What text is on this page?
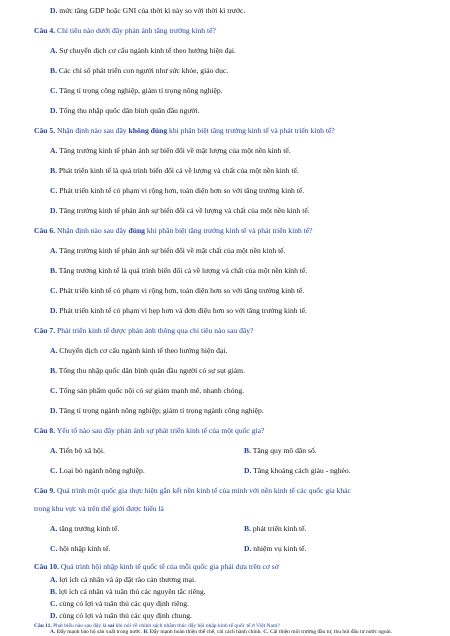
D. mức tăng GDP hoặc GNI của thời kì này so với thời kì trước.
Câu 4. Chỉ tiêu nào dưới đây phản ánh tăng trưởng kinh tế?
A. Sự chuyển dịch cơ cấu ngành kinh tế theo hướng hiện đại.
B. Các chỉ số phát triển con người như sức khỏe, giáo dục.
C. Tăng tỉ trọng công nghiệp, giảm tỉ trọng nông nghiệp.
D. Tổng thu nhập quốc dân bình quân đầu người.
Câu 5. Nhận định nào sau đây không đúng khi phân biệt tăng trưởng kinh tế và phát triển kinh tế?
A. Tăng trưởng kinh tế phản ánh sự biến đổi về mặt lượng của một nền kinh tế.
B. Phát triển kinh tế là quá trình biến đổi cả về lượng và chất của một nền kinh tế.
C. Phát triển kinh tế có phạm vi rộng hơn, toàn diện hơn so với tăng trưởng kinh tế.
D. Tăng trưởng kinh tế phản ánh sự biến đổi cả về lượng và chất của một nền kinh tế.
Câu 6. Nhận định nào sau đây đúng khi phân biệt tăng trưởng kinh tế và phát triển kinh tế?
A. Tăng trưởng kinh tế phản ánh sự biến đổi về mặt chất của một nền kinh tế.
B. Tăng trưởng kinh tế là quá trình biến đổi cả về lượng và chất của một nền kinh tế.
C. Phát triển kinh tế có phạm vi rộng hơn, toàn diện hơn so với tăng trưởng kinh tế.
D. Phát triển kinh tế có phạm vi hẹp hơn và đơn điệu hơn so với tăng trưởng kinh tế.
Câu 7. Phát triển kinh tế được phản ánh thông qua chỉ tiêu nào sau đây?
A. Chuyển dịch cơ cấu ngành kinh tế theo hướng hiện đại.
B. Tổng thu nhập quốc dân bình quân đầu người có sự sụt giảm.
C. Tổng sản phẩm quốc nội có sự giảm mạnh mẽ, nhanh chóng.
D. Tăng tỉ trọng ngành nông nghiệp; giảm tỉ trọng ngành công nghiệp.
Câu 8. Yếu tố nào sau đây phản ánh sự phát triển kinh tế của một quốc gia?
A. Tiến bộ xã hội.	B. Tăng quy mô dân số.
C. Loại bỏ ngành nông nghiệp.	D. Tăng khoảng cách giàu - nghèo.
Câu 9. Quá trình một quốc gia thực hiện gắn kết nền kinh tế của mình với nền kinh tế các quốc gia khác
trong khu vực và trên thế giới được hiểu là
A. tăng trưởng kinh tế.	B. phát triển kinh tế.
C. hội nhập kinh tế.	D. nhiệm vụ kinh tế.
Câu 10. Quá trình hội nhập kinh tế quốc tế của mỗi quốc gia phải dựa trên cơ sở
A. lợi ích cá nhân và áp đặt rào cản thương mại.
B. lợi ích cá nhân và tuân thủ các nguyên tắc riêng.
C. cùng có lợi và tuân thủ các quy định riêng.
D. cùng có lợi và tuân thủ các quy định chung.
Câu 11. Phát biểu nào sau đây là sai khi nói về chính sách nhằm thúc đẩy hội nhập kinh tế quốc tế ở Việt Nam?
A. Đẩy mạnh bảo hộ sản xuất trong nước. B. Đẩy mạnh hoàn thiện thể chế, cải cách hành chính. C. Cải thiện môi trường đầu tư, thu hút đầu tư nước ngoài.
